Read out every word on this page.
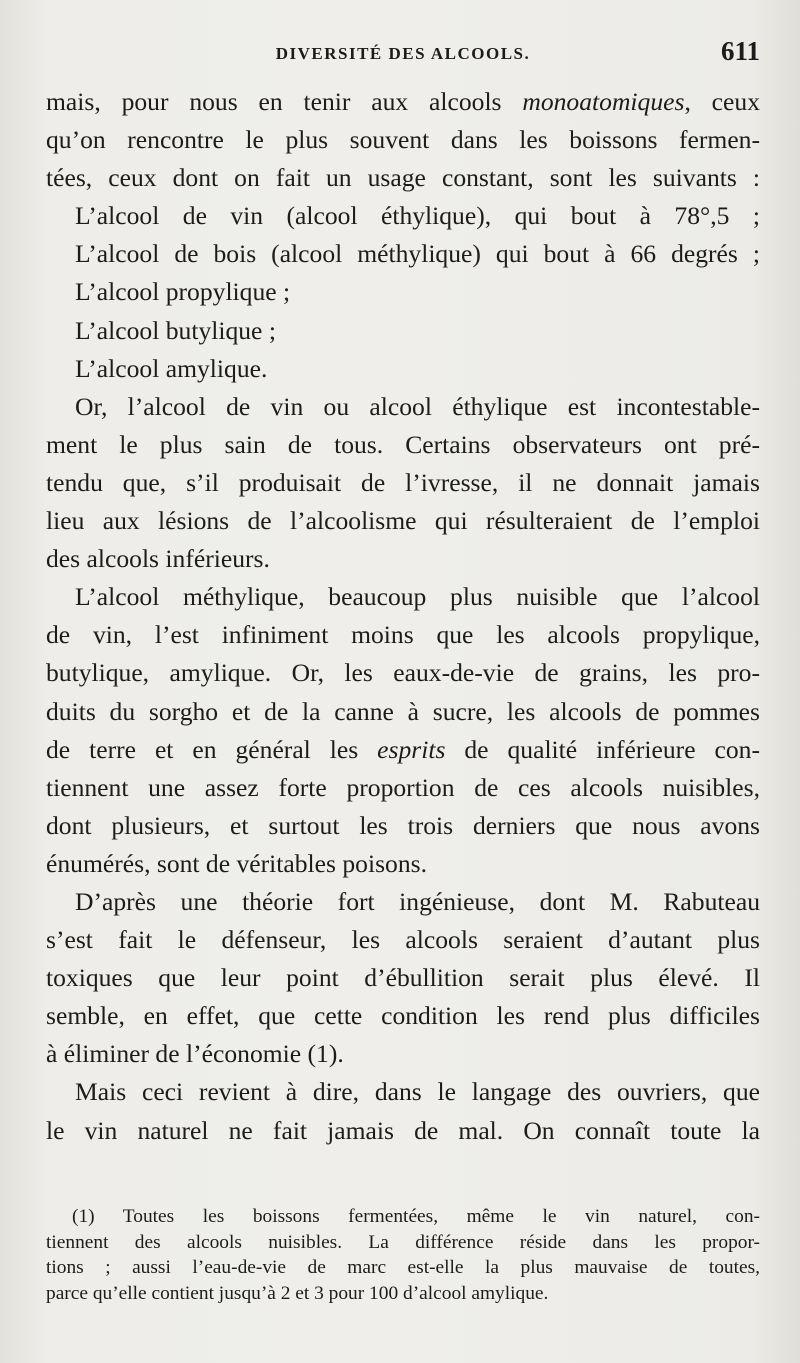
DIVERSITÉ DES ALCOOLS.	611
mais, pour nous en tenir aux alcools monoatomiques, ceux
qu’on rencontre le plus souvent dans les boissons fermen-
tées, ceux dont on fait un usage constant, sont les suivants :
L’alcool de vin (alcool éthylique), qui bout à 78°,5 ;
L’alcool de bois (alcool méthylique) qui bout à 66 degrés ;
L’alcool propylique ;
L’alcool butylique ;
L’alcool amylique.
Or, l’alcool de vin ou alcool éthylique est incontestable-
ment le plus sain de tous. Certains observateurs ont pré-
tendu que, s’il produisait de l’ivresse, il ne donnait jamais
lieu aux lésions de l’alcoolisme qui résulteraient de l’emploi
des alcools inférieurs.
L’alcool méthylique, beaucoup plus nuisible que l’alcool
de vin, l’est infiniment moins que les alcools propylique,
butylique, amylique. Or, les eaux-de-vie de grains, les pro-
duits du sorgho et de la canne à sucre, les alcools de pommes
de terre et en général les esprits de qualité inférieure con-
tiennent une assez forte proportion de ces alcools nuisibles,
dont plusieurs, et surtout les trois derniers que nous avons
énumérés, sont de véritables poisons.
D’après une théorie fort ingénieuse, dont M. Rabuteau
s’est fait le défenseur, les alcools seraient d’autant plus
toxiques que leur point d’ébullition serait plus élevé. Il
semble, en effet, que cette condition les rend plus difficiles
à éliminer de l’économie (1).
Mais ceci revient à dire, dans le langage des ouvriers, que
le vin naturel ne fait jamais de mal. On connaît toute la
(1) Toutes les boissons fermentées, même le vin naturel, con-
tiennent des alcools nuisibles. La différence réside dans les propor-
tions ; aussi l’eau-de-vie de marc est-elle la plus mauvaise de toutes,
parce qu’elle contient jusqu’à 2 et 3 pour 100 d’alcool amylique.
